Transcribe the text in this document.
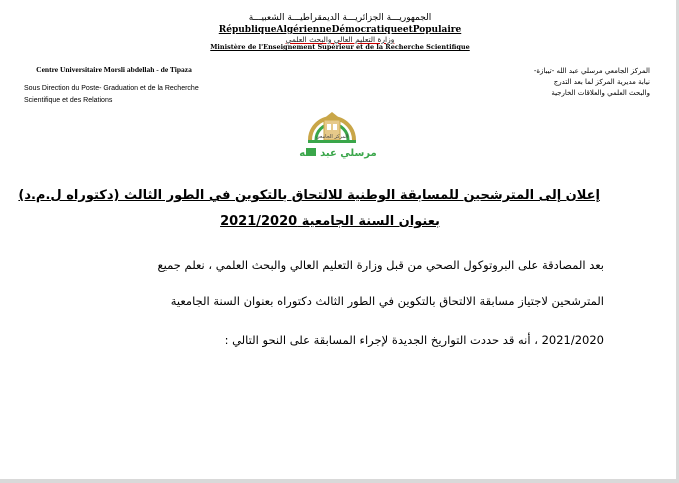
الجمهوريـــة الجزائريـــة الديمقراطيـــة الشعبيـــة
RépubliqueAlgérienneDémocratiqueetPopulaire
وزارة التعليم العالي والبحث العلمي
Ministère de l'Enseignement Supérieur et de la Recherche Scientifique
Centre Universitaire Morsli abdellah - de Tipaza
Sous Direction du Poste- Graduation et de la Recherche Scientifique et des Relations
المركز الجامعي مرسلي عبد الله -تيبازة-
نيابة مديرية المركز لما بعد التدرج
والبحث العلمي والعلاقات الخارجية
المركز الجامعي
مرسلي عبد الله
إعلان إلى المترشحين للمسابقة الوطنية للالتحاق بالتكوين في الطور الثالث (دكتوراه ل.م.د)
بعنوان السنة الجامعية 2021/2020
بعد المصادقة على البروتوكول الصحي من قبل وزارة التعليم العالي والبحث العلمي ، نعلم جميع
المترشحين لاجتياز مسابقة الالتحاق بالتكوين في الطور الثالث دكتوراه بعنوان السنة الجامعية
2021/2020 ، أنه قد حددت التواريخ الجديدة لإجراء المسابقة على النحو التالي :
